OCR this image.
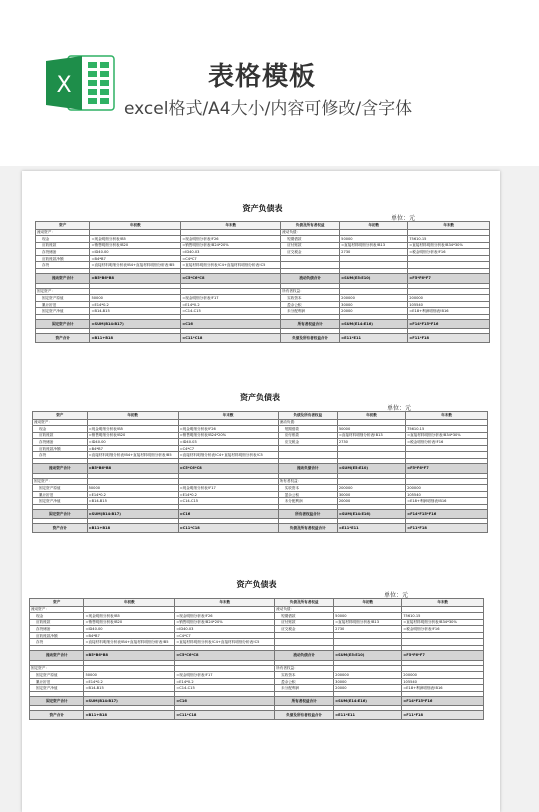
X	表格模板
excel格式/A4大小/内容可修改/含字体
资产负债表
单位：元
资产	年初数	年末数	负债及所有者权益	年初数	年末数
流动资产：			流动负债：		
现金	=现金明细分析表!B5	=现金明细分析表!F26	短期借款	50000	75610.15
应收账款	=销售明细分析表!B20	=销售明细分析表!B24*20%	应付账款	=直接材料明细分析表!B13	=直接材料明细分析表!B34*30%
存货储备	=ID40.00	=ID40.03	应交税金	2730	=税金明细分析表!F16
应收账款净额	=B4*B7	=C4*C7			
存货	=直接材料明细分析表!B4+直接材料明细分析表!B5	=直接材料明细分析表!C4+直接材料明细分析表!C5			

流动资产合计	=B5*B6*B8	=C5*C6*C8	流动负债合计	=SUM(E5:E10)	=F5*F6*F7

固定资产：			所有者权益：		
固定资产原值	50000	=现金明细分析表!F17	实收资本	200000	200000
累计折旧	=E14*0.2	=E14*0.2	盈余公积	30000	105540
固定资产净值	=B14-B15	=C14-C15	未分配利润	20000	=E18+利润明细表!B16

固定资产合计	=SUM(B14:B17)	=C16	所有者权益合计	=SUM(E14:E16)	=F14*F15*F16

资产合计	=B11+B18	=C11*C18	负债及所有者权益合计	=E11*E11	=F11*F18
资产负债表
单位：元
资产	年初数	年末数	负债及所有者权益	年初数	年末数
流动资产：			流动负债：		
现金	=现金明细分析表!B5	=现金明细分析表!F26	短期借款	50000	75610.15
应收账款	=销售明细分析表!B20	=销售明细分析表!B24*20%	应付账款	=直接材料明细分析表!B13	=直接材料明细分析表!B34*30%
存货储备	=ID40.00	=ID40.03	应交税金	2730	=税金明细分析表!F16
应收账款净额	=B4*B7	=C4*C7			
存货	=直接材料明细分析表!B4+直接材料明细分析表!B5	=直接材料明细分析表!C4+直接材料明细分析表!C5			

流动资产合计	=B5*B6*B8	=C5*C6*C8	流动负债合计	=SUM(E5:E10)	=F5*F6*F7

固定资产：			所有者权益：		
固定资产原值	50000	=现金明细分析表!F17	实收资本	200000	200000
累计折旧	=E14*0.2	=E14*0.2	盈余公积	30000	105540
固定资产净值	=B14-B15	=C14-C15	未分配利润	20000	=E18+利润明细表!B16

固定资产合计	=SUM(B14:B17)	=C16	所有者权益合计	=SUM(E14:E16)	=F14*F15*F16

资产合计	=B11+B18	=C11*C18	负债及所有者权益合计	=E11*E11	=F11*F18
资产负债表
单位：元
资产	年初数	年末数	负债及所有者权益	年初数	年末数
流动资产：			流动负债：		
现金	=现金明细分析表!B5	=现金明细分析表!F26	短期借款	50000	75610.15
应收账款	=销售明细分析表!B20	=销售明细分析表!B24*20%	应付账款	=直接材料明细分析表!B13	=直接材料明细分析表!B34*30%
存货储备	=ID40.00	=ID40.03	应交税金	2730	=税金明细分析表!F16
应收账款净额	=B4*B7	=C4*C7			
存货	=直接材料明细分析表!B4+直接材料明细分析表!B5	=直接材料明细分析表!C4+直接材料明细分析表!C5			

流动资产合计	=B5*B6*B8	=C5*C6*C8	流动负债合计	=SUM(E5:E10)	=F5*F6*F7

固定资产：			所有者权益：		
固定资产原值	50000	=现金明细分析表!F17	实收资本	200000	200000
累计折旧	=E14*0.2	=E14*0.2	盈余公积	30000	105540
固定资产净值	=B14-B15	=C14-C15	未分配利润	20000	=E18+利润明细表!B16

固定资产合计	=SUM(B14:B17)	=C16	所有者权益合计	=SUM(E14:E16)	=F14*F15*F16

资产合计	=B11+B18	=C11*C18	负债及所有者权益合计	=E11*E11	=F11*F18
